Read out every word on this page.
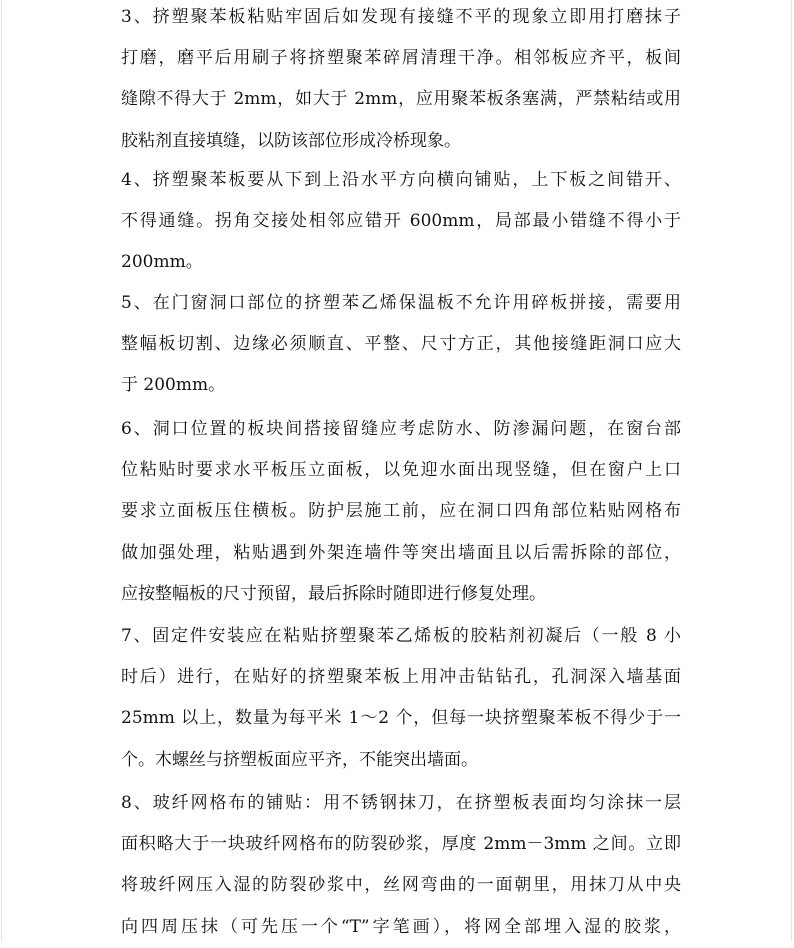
3、挤塑聚苯板粘贴牢固后如发现有接缝不平的现象立即用打磨抹子
打磨，磨平后用刷子将挤塑聚苯碎屑清理干净。相邻板应齐平，板间
缝隙不得大于 2mm，如大于 2mm，应用聚苯板条塞满，严禁粘结或用
胶粘剂直接填缝，以防该部位形成冷桥现象。
4、挤塑聚苯板要从下到上沿水平方向横向铺贴，上下板之间错开、
不得通缝。拐角交接处相邻应错开 600mm，局部最小错缝不得小于
200mm。
5、在门窗洞口部位的挤塑苯乙烯保温板不允许用碎板拼接，需要用
整幅板切割、边缘必须顺直、平整、尺寸方正，其他接缝距洞口应大
于 200mm。
6、洞口位置的板块间搭接留缝应考虑防水、防渗漏问题，在窗台部
位粘贴时要求水平板压立面板，以免迎水面出现竖缝，但在窗户上口
要求立面板压住横板。防护层施工前，应在洞口四角部位粘贴网格布
做加强处理，粘贴遇到外架连墙件等突出墙面且以后需拆除的部位，
应按整幅板的尺寸预留，最后拆除时随即进行修复处理。
7、固定件安装应在粘贴挤塑聚苯乙烯板的胶粘剂初凝后（一般 8 小
时后）进行，在贴好的挤塑聚苯板上用冲击钻钻孔，孔洞深入墙基面
25mm 以上，数量为每平米 1～2 个，但每一块挤塑聚苯板不得少于一
个。木螺丝与挤塑板面应平齐，不能突出墙面。
8、玻纤网格布的铺贴：用不锈钢抹刀，在挤塑板表面均匀涂抹一层
面积略大于一块玻纤网格布的防裂砂浆，厚度 2mm－3mm 之间。立即
将玻纤网压入湿的防裂砂浆中，丝网弯曲的一面朝里，用抹刀从中央
向四周压抹（可先压一个“T”字笔画），将网全部埋入湿的胶浆，
